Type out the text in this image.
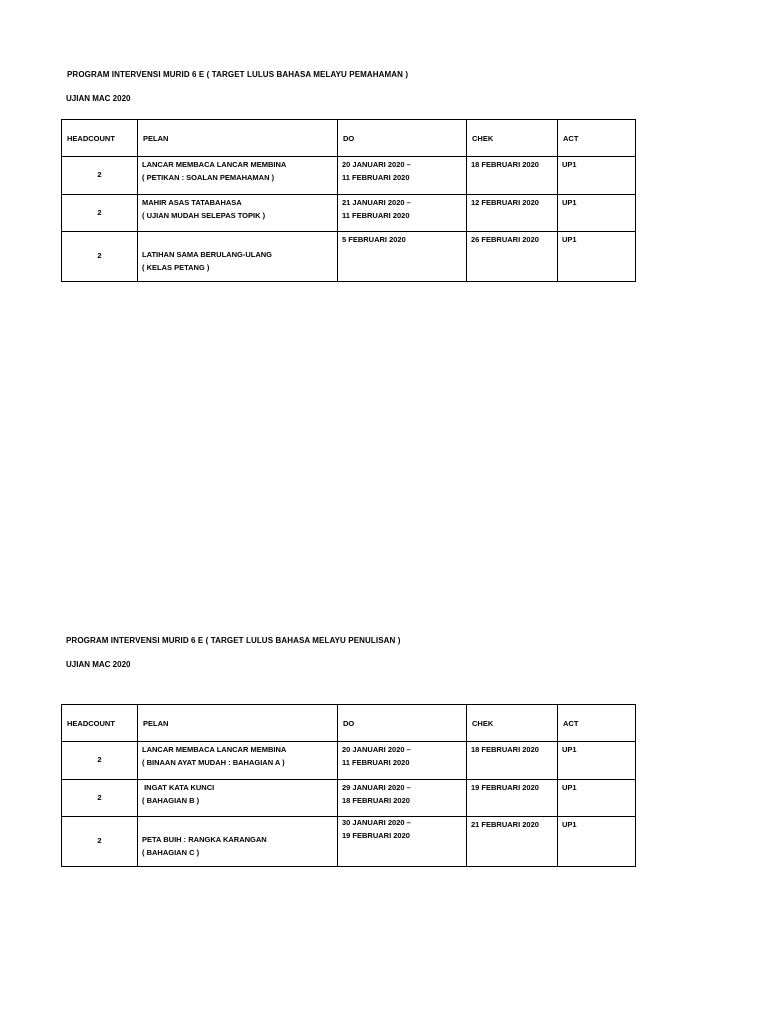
PROGRAM INTERVENSI MURID 6 E ( TARGET LULUS BAHASA MELAYU PEMAHAMAN )
UJIAN MAC 2020
HEADCOUNT	PELAN	DO	CHEK	ACT
2	LANCAR MEMBACA LANCAR MEMBINA
( PETIKAN : SOALAN PEMAHAMAN )	20 JANUARI 2020 –
11 FEBRUARI 2020	18 FEBRUARI 2020	UP1
2	MAHIR ASAS TATABAHASA
( UJIAN MUDAH SELEPAS TOPIK )	21 JANUARI 2020 –
11 FEBRUARI 2020	12 FEBRUARI 2020	UP1
2	LATIHAN SAMA BERULANG-ULANG
( KELAS PETANG )	5 FEBRUARI 2020	26 FEBRUARI 2020	UP1
PROGRAM INTERVENSI MURID 6 E ( TARGET LULUS BAHASA MELAYU PENULISAN )
UJIAN MAC 2020
HEADCOUNT	PELAN	DO	CHEK	ACT
2	LANCAR MEMBACA LANCAR MEMBINA
( BINAAN AYAT MUDAH : BAHAGIAN A )	20 JANUARI 2020 –
11 FEBRUARI 2020	18 FEBRUARI 2020	UP1
2	INGAT KATA KUNCI
( BAHAGIAN B )	29 JANUARI 2020 –
18 FEBRUARI 2020	19 FEBRUARI 2020	UP1
2	PETA BUIH : RANGKA KARANGAN
( BAHAGIAN C )	30 JANUARI 2020 –
19 FEBRUARI 2020	21 FEBRUARI 2020	UP1
